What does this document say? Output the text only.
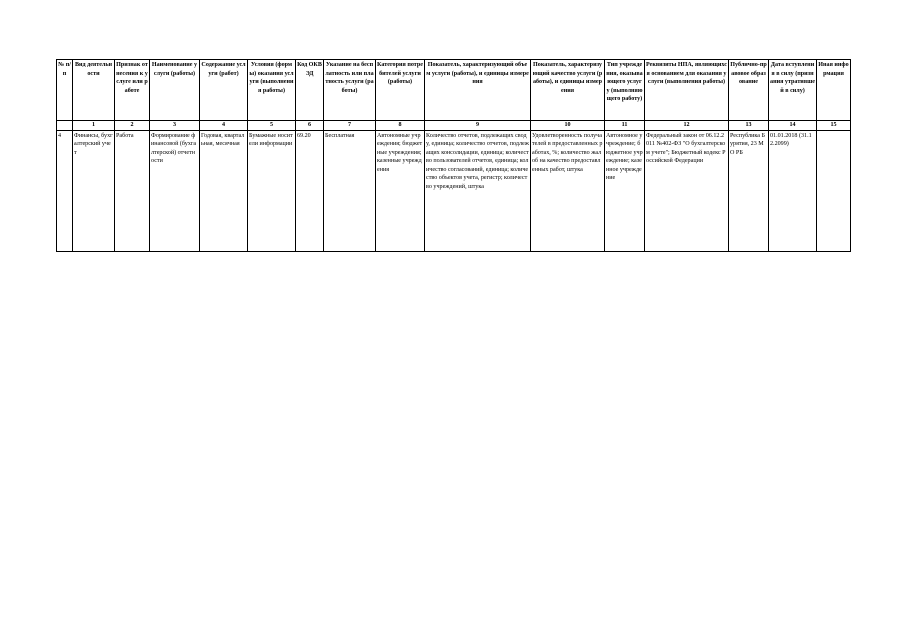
№ п/п	Вид деятельности	Признак отнесения к услуге или работе	Наименование услуги (работы)	Содержание услуги (работ)	Условия (формы) оказания услуги (выполнения работы)	Код ОКВЭД	Указание на бесплатность или платность услуги (работы)	Категория потребителей услуги (работы)	Показатель, характеризующий объем услуги (работы), и единицы измерения	Показатель, характеризующий качество услуги (работы), и единицы измерения	Тип учреждения, оказывающего услугу (выполняющего работу)	Реквизиты НПА, являющихся основанием для оказания услуги (выполнения работы)	Публично-правовое образование	Дата вступления в силу (признания утратившей в силу)	Иная информация
	1	2	3	4	5	6	7	8	9	10	11	12	13	14	15
4	Финансы, бухгалтерский учет	Работа	Формирование финансовой (бухгалтерской) отчетности	Годовая, квартальная, месячная	Бумажные носители информации	69.20	Бесплатная	Автономные учреждения; бюджетные учреждения; казенные учреждения	Количество отчетов, подлежащих своду, единица; количество отчетов, подлежащих консолидации, единица; количество пользователей отчетов, единица; количество согласований, единица; количество объектов учета, регистр; количество учреждений, штука	Удовлетворенность получателей в предоставленных работах, %; количество жалоб на качество предоставленных работ, штука	Автономное учреждение; бюджетное учреждение; казенное учреждение	Федеральный закон от 06.12.2011 №402-ФЗ "О бухгалтерском учете"; Бюджетный кодекс Российской Федерации	Республика Бурятия, 23 МО РБ	01.01.2018 (31.12.2099)	
